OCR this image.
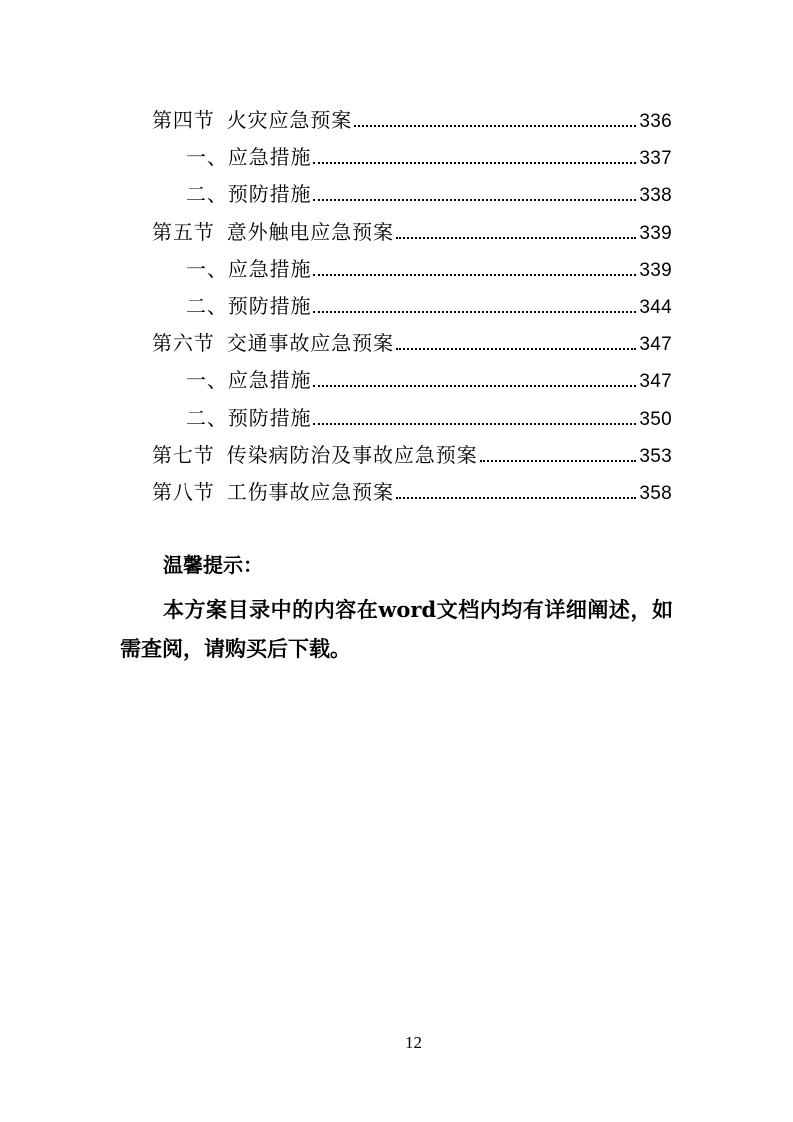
第四节 火灾应急预案	336
一、应急措施	337
二、预防措施	338
第五节 意外触电应急预案	339
一、应急措施	339
二、预防措施	344
第六节 交通事故应急预案	347
一、应急措施	347
二、预防措施	350
第七节 传染病防治及事故应急预案	353
第八节 工伤事故应急预案	358
温馨提示：
本方案目录中的内容在word文档内均有详细阐述，如
需查阅，请购买后下载。
12
